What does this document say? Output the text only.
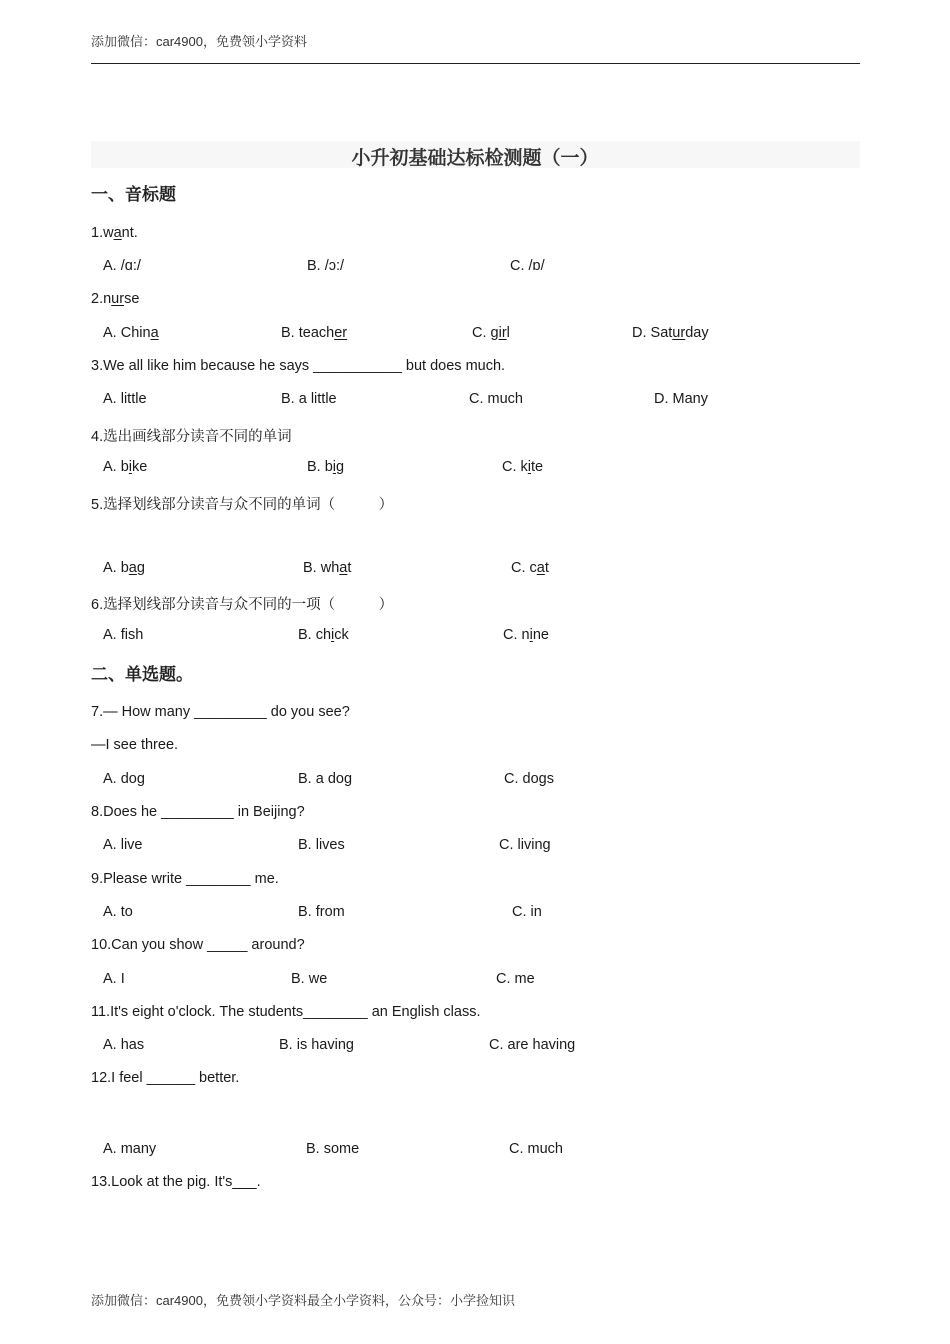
添加微信：car4900，免费领小学资料
小升初基础达标检测题（一）
一、音标题
二、单选题。
1.want.
A. /ɑ:/	B. /ɔ:/	C. /ɒ/
2.nurse
A. China	B. teacher	C. girl	D. Saturday
3.We all like him because he says ___________ but does much.
A. little	B. a little	C. much	D. Many
4.选出画线部分读音不同的单词
A. bike	B. big	C. kite
5.选择划线部分读音与众不同的单词（　　　）
A. bag	B. what	C. cat
6.选择划线部分读音与众不同的一项（　　　）
A. fish	B. chick	C. nine
7.— How many _________ do you see?
—I see three.
A. dog	B. a dog	C. dogs
8.Does he _________ in Beijing?
A. live	B. lives	C. living
9.Please write ________ me.
A. to	B. from	C. in
10.Can you show _____ around?
A. I	B. we	C. me
11.It's eight o'clock. The students________ an English class.
A. has	B. is having	C. are having
12.I feel ______ better.
A. many	B. some	C. much
13.Look at the pig. It's___.
添加微信：car4900，免费领小学资料最全小学资料，公众号：小学捡知识
